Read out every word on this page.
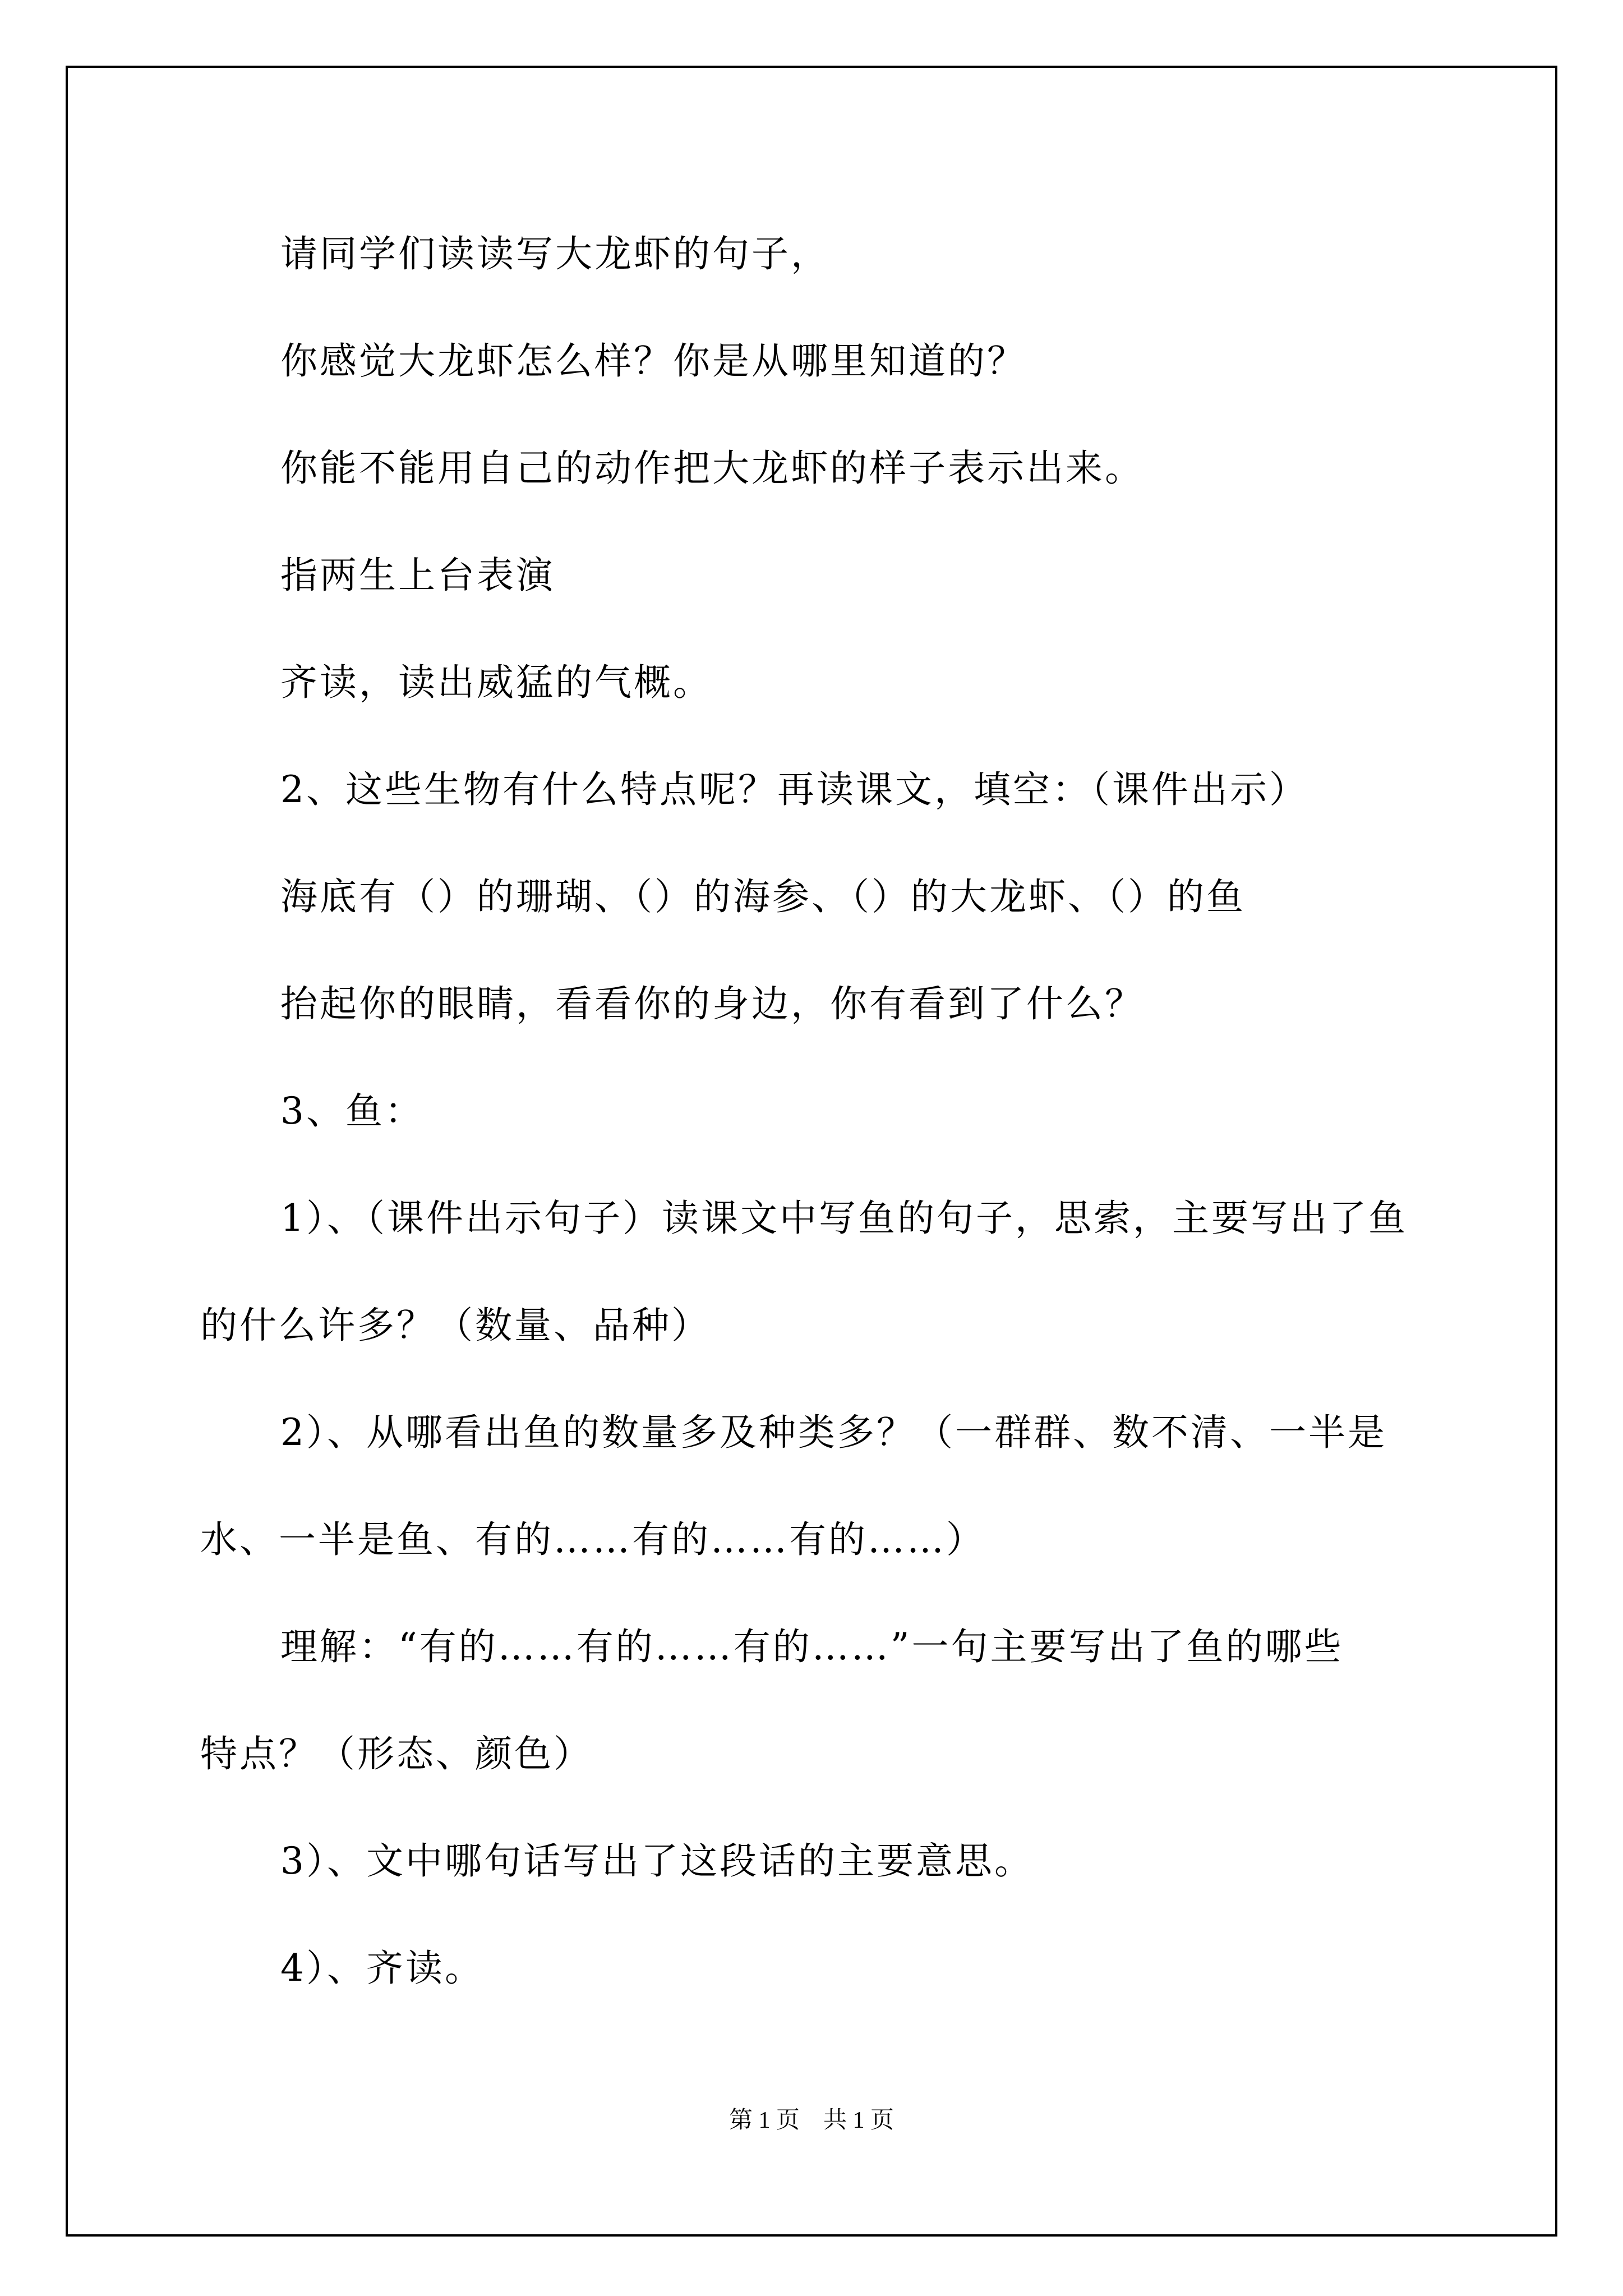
请同学们读读写大龙虾的句子，
你感觉大龙虾怎么样？你是从哪里知道的？
你能不能用自己的动作把大龙虾的样子表示出来。
指两生上台表演
齐读，读出威猛的气概。
2、这些生物有什么特点呢？再读课文，填空：（课件出示）
海底有（）的珊瑚、（）的海参、（）的大龙虾、（）的鱼
抬起你的眼睛，看看你的身边，你有看到了什么？
3、鱼：
1）、（课件出示句子）读课文中写鱼的句子，思索，主要写出了鱼
的什么许多？（数量、品种）
2）、从哪看出鱼的数量多及种类多？（一群群、数不清、一半是
水、一半是鱼、有的……有的……有的……）
理解：“有的……有的……有的……”一句主要写出了鱼的哪些
特点？（形态、颜色）
3）、文中哪句话写出了这段话的主要意思。
4）、齐读。
第 1 页　共 1 页
